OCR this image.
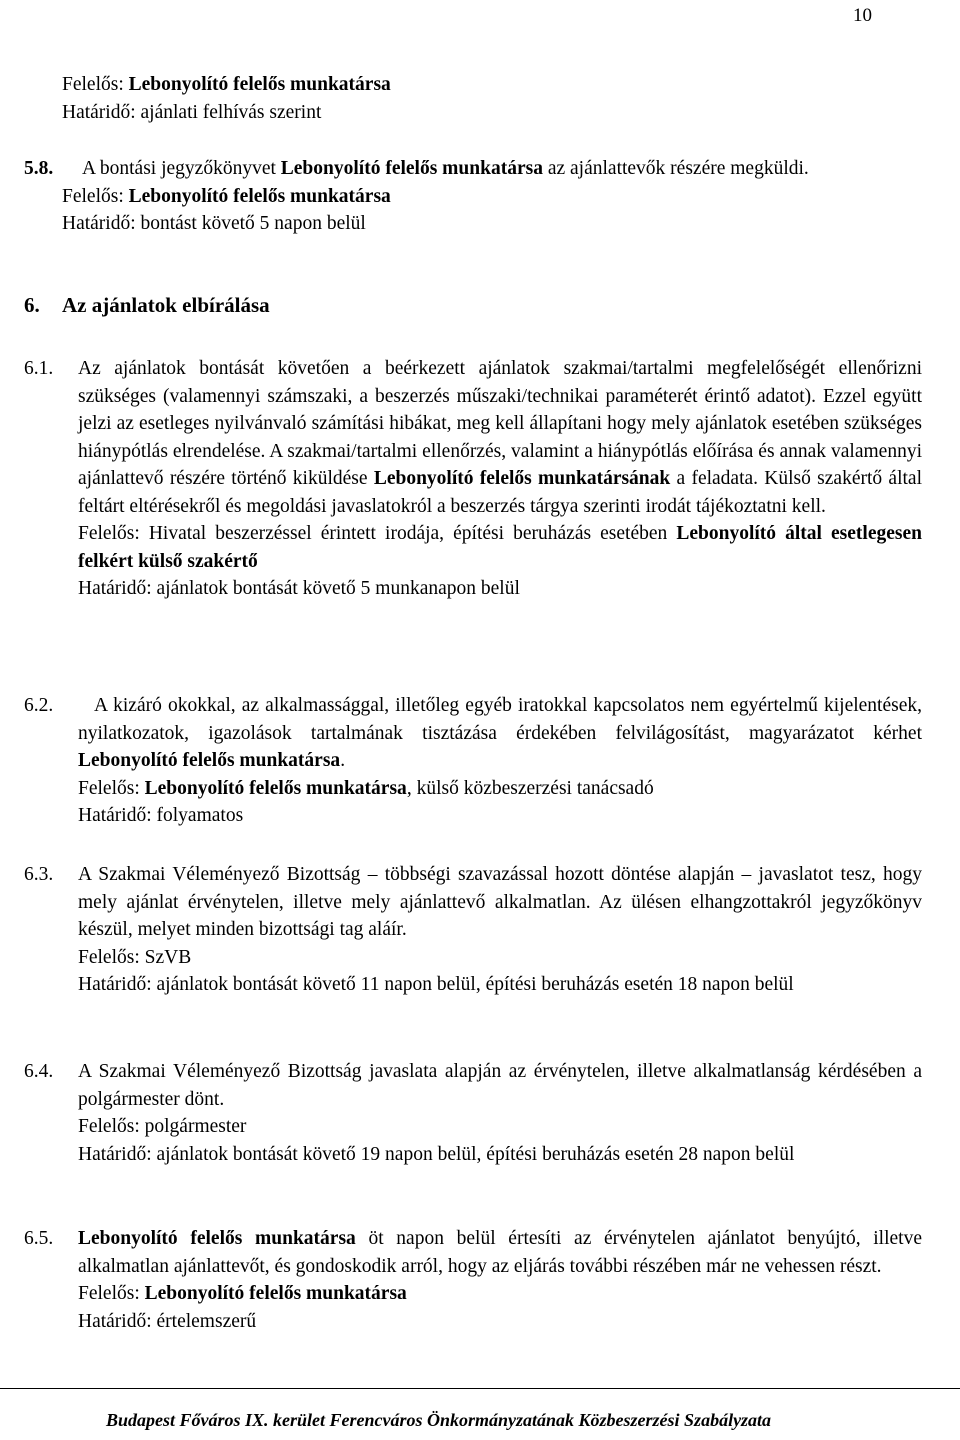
10
Felelős: Lebonyolító felelős munkatársa
Határidő: ajánlati felhívás szerint
5.8.	A bontási jegyzőkönyvet Lebonyolító felelős munkatársa az ajánlattevők részére megküldi.

Felelős: Lebonyolító felelős munkatársa
Határidő: bontást követő 5 napon belül
6. Az ajánlatok elbírálása
6.1. Az ajánlatok bontását követően a beérkezett ajánlatok szakmai/tartalmi megfelelőségét ellenőrizni szükséges (valamennyi számszaki, a beszerzés műszaki/technikai paraméterét érintő adatot). Ezzel együtt jelzi az esetleges nyilvánvaló számítási hibákat, meg kell állapítani hogy mely ajánlatok esetében szükséges hiánypótlás elrendelése. A szakmai/tartalmi ellenőrzés, valamint a hiánypótlás előírása és annak valamennyi ajánlattevő részére történő kiküldése Lebonyolító felelős munkatársának a feladata. Külső szakértő által feltárt eltérésekről és megoldási javaslatokról a beszerzés tárgya szerinti irodát tájékoztatni kell.

Felelős: Hivatal beszerzéssel érintett irodája, építési beruházás esetében Lebonyolító által esetlegesen felkért külső szakértő

Határidő: ajánlatok bontását követő 5 munkanapon belül
6.2.	A kizáró okokkal, az alkalmassággal, illetőleg egyéb iratokkal kapcsolatos nem egyértelmű kijelentések, nyilatkozatok, igazolások tartalmának tisztázása érdekében felvilágosítást, magyarázatot kérhet Lebonyolító felelős munkatársa.

Felelős: Lebonyolító felelős munkatársa, külső közbeszerzési tanácsadó
Határidő: folyamatos
6.3. A Szakmai Véleményező Bizottság – többségi szavazással hozott döntése alapján – javaslatot tesz, hogy mely ajánlat érvénytelen, illetve mely ajánlattevő alkalmatlan. Az ülésen elhangzottakról jegyzőkönyv készül, melyet minden bizottsági tag aláír.

Felelős: SzVB

Határidő: ajánlatok bontását követő 11 napon belül, építési beruházás esetén 18 napon belül

6.4. A Szakmai Véleményező Bizottság javaslata alapján az érvénytelen, illetve alkalmatlanság kérdésében a polgármester dönt.

Felelős: polgármester

Határidő: ajánlatok bontását követő 19 napon belül, építési beruházás esetén 28 napon belül

6.5. Lebonyolító felelős munkatársa öt napon belül értesíti az érvénytelen ajánlatot benyújtó, illetve alkalmatlan ajánlattevőt, és gondoskodik arról, hogy az eljárás további részében már ne vehessen részt.

Felelős: Lebonyolító felelős munkatársa
Határidő: értelemszerű
Budapest Főváros IX. kerület Ferencváros Önkormányzatának Közbeszerzési Szabályzata
